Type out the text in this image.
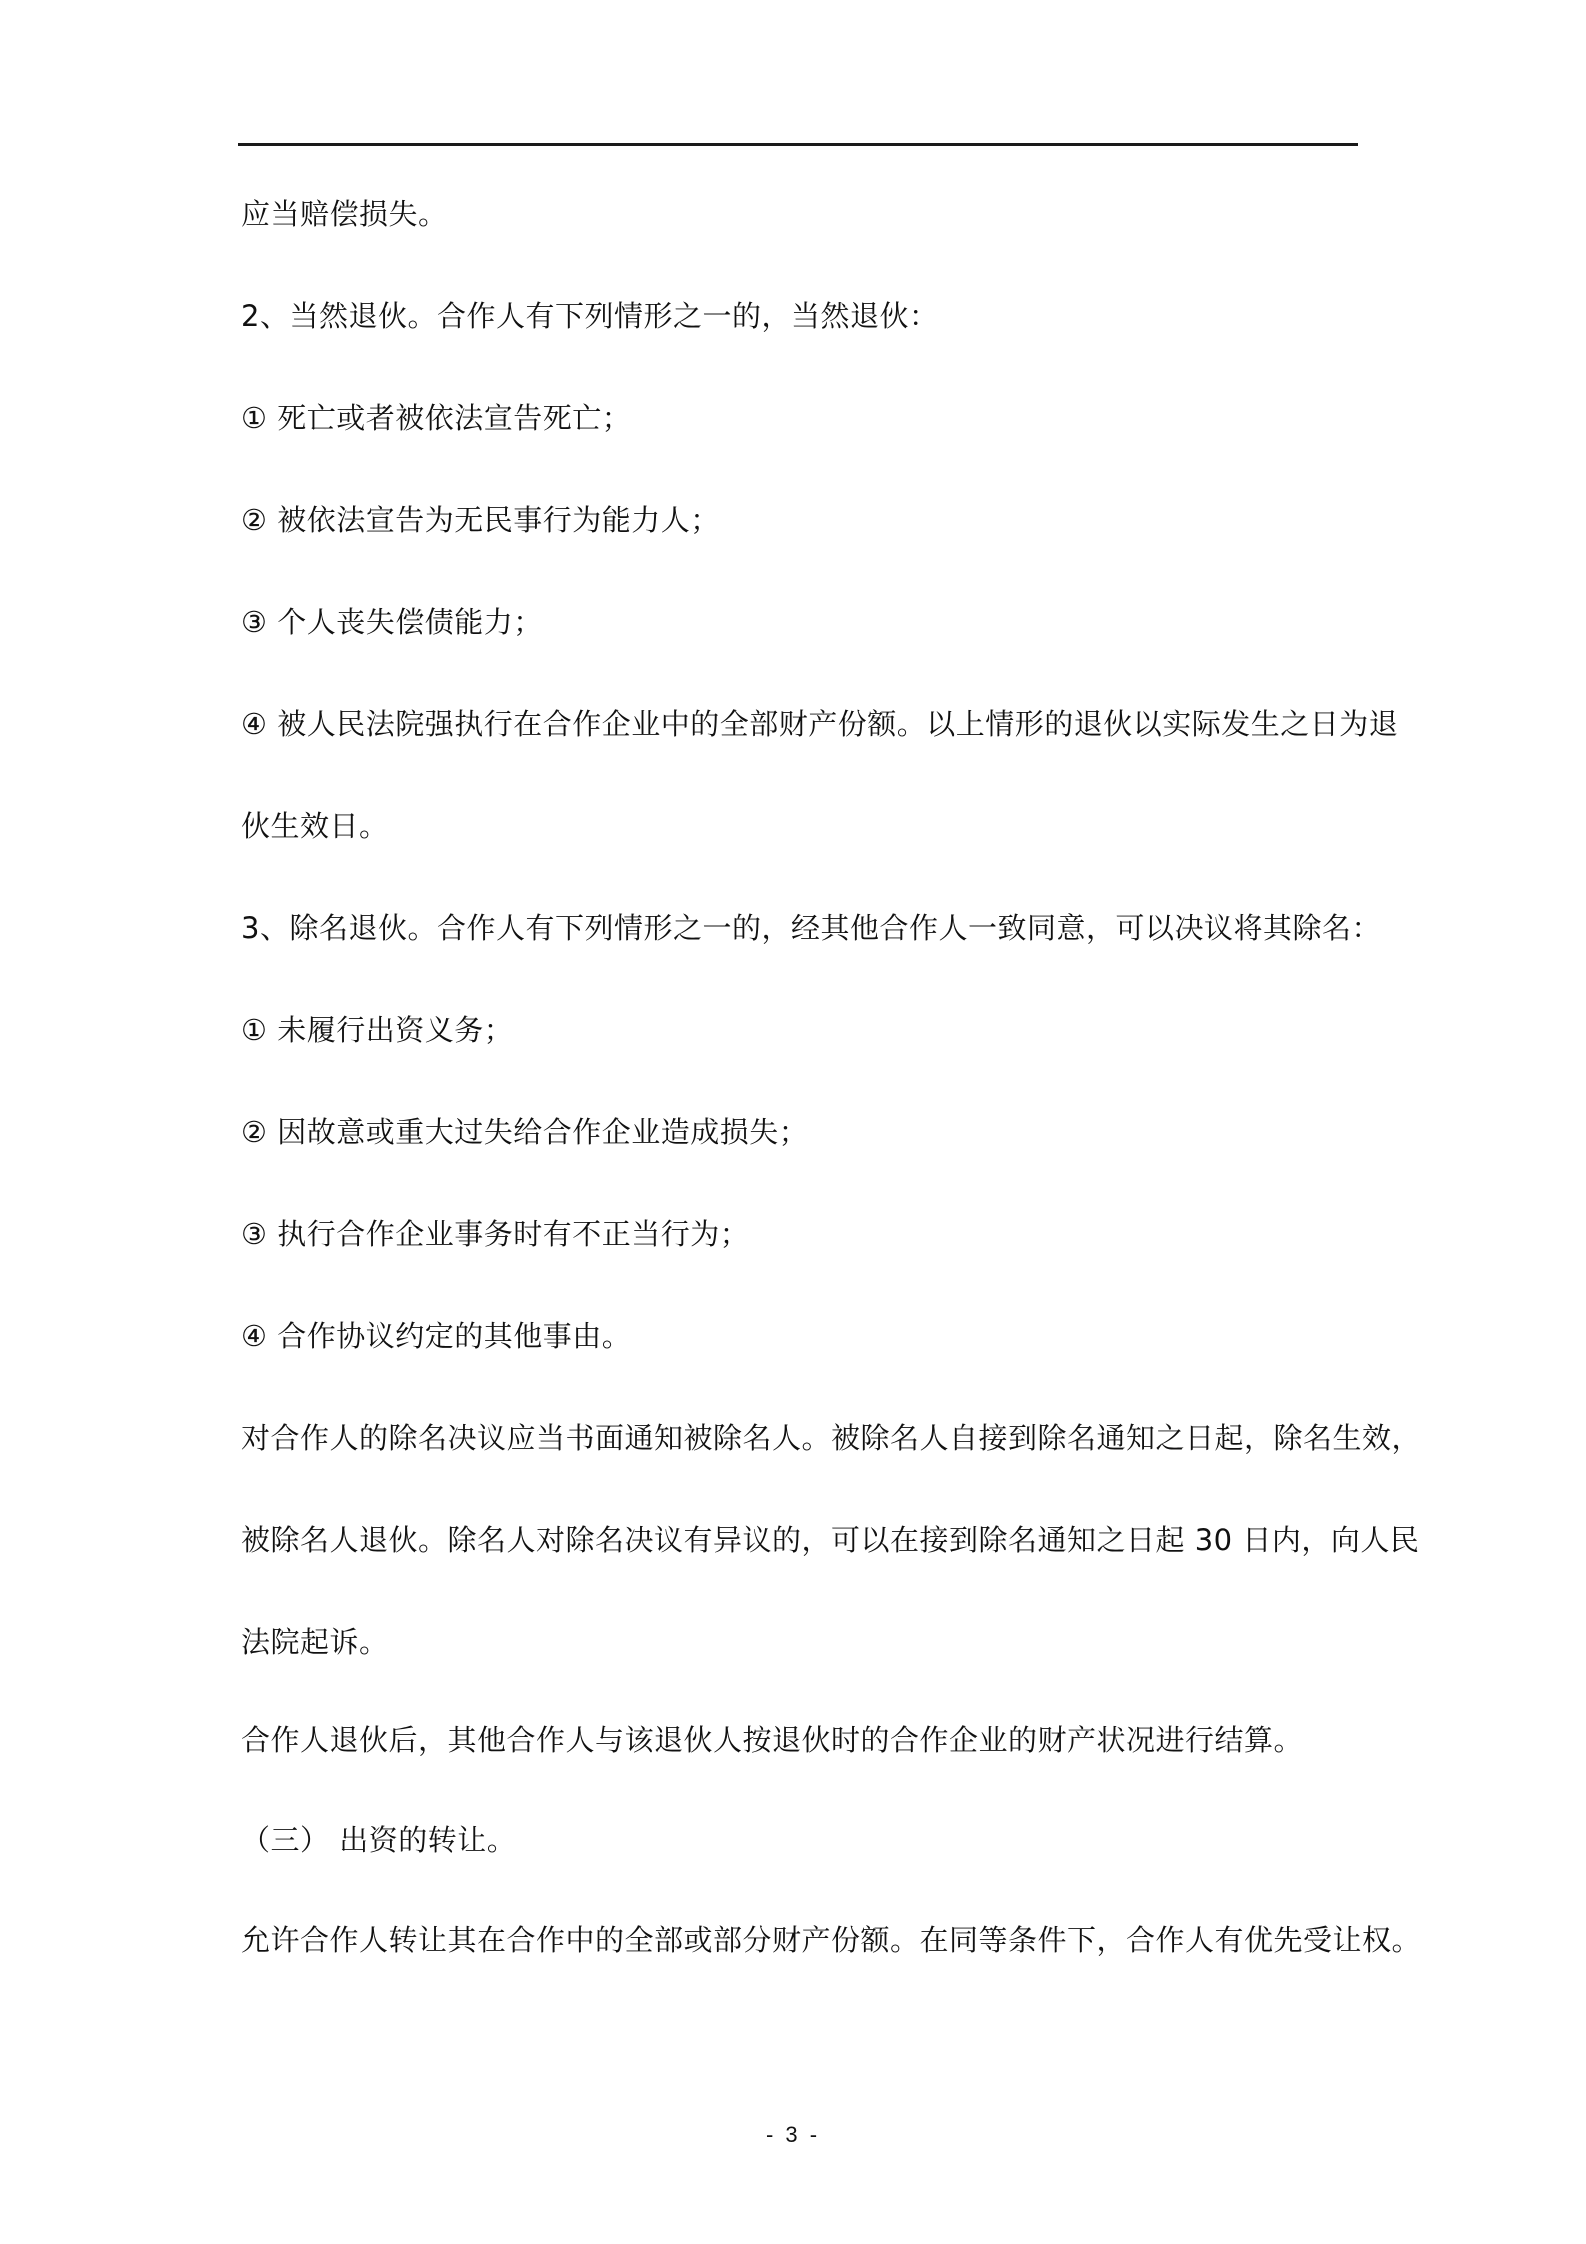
应当赔偿损失。
2、当然退伙。合作人有下列情形之一的，当然退伙：
① 死亡或者被依法宣告死亡；
② 被依法宣告为无民事行为能力人；
③ 个人丧失偿债能力；
④ 被人民法院强执行在合作企业中的全部财产份额。以上情形的退伙以实际发生之日为退
伙生效日。
3、除名退伙。合作人有下列情形之一的，经其他合作人一致同意，可以决议将其除名：
① 未履行出资义务；
② 因故意或重大过失给合作企业造成损失；
③ 执行合作企业事务时有不正当行为；
④ 合作协议约定的其他事由。
对合作人的除名决议应当书面通知被除名人。被除名人自接到除名通知之日起，除名生效，
被除名人退伙。除名人对除名决议有异议的，可以在接到除名通知之日起 30 日内，向人民
法院起诉。
合作人退伙后，其他合作人与该退伙人按退伙时的合作企业的财产状况进行结算。
（三） 出资的转让。
允许合作人转让其在合作中的全部或部分财产份额。在同等条件下，合作人有优先受让权。
- 3 -
